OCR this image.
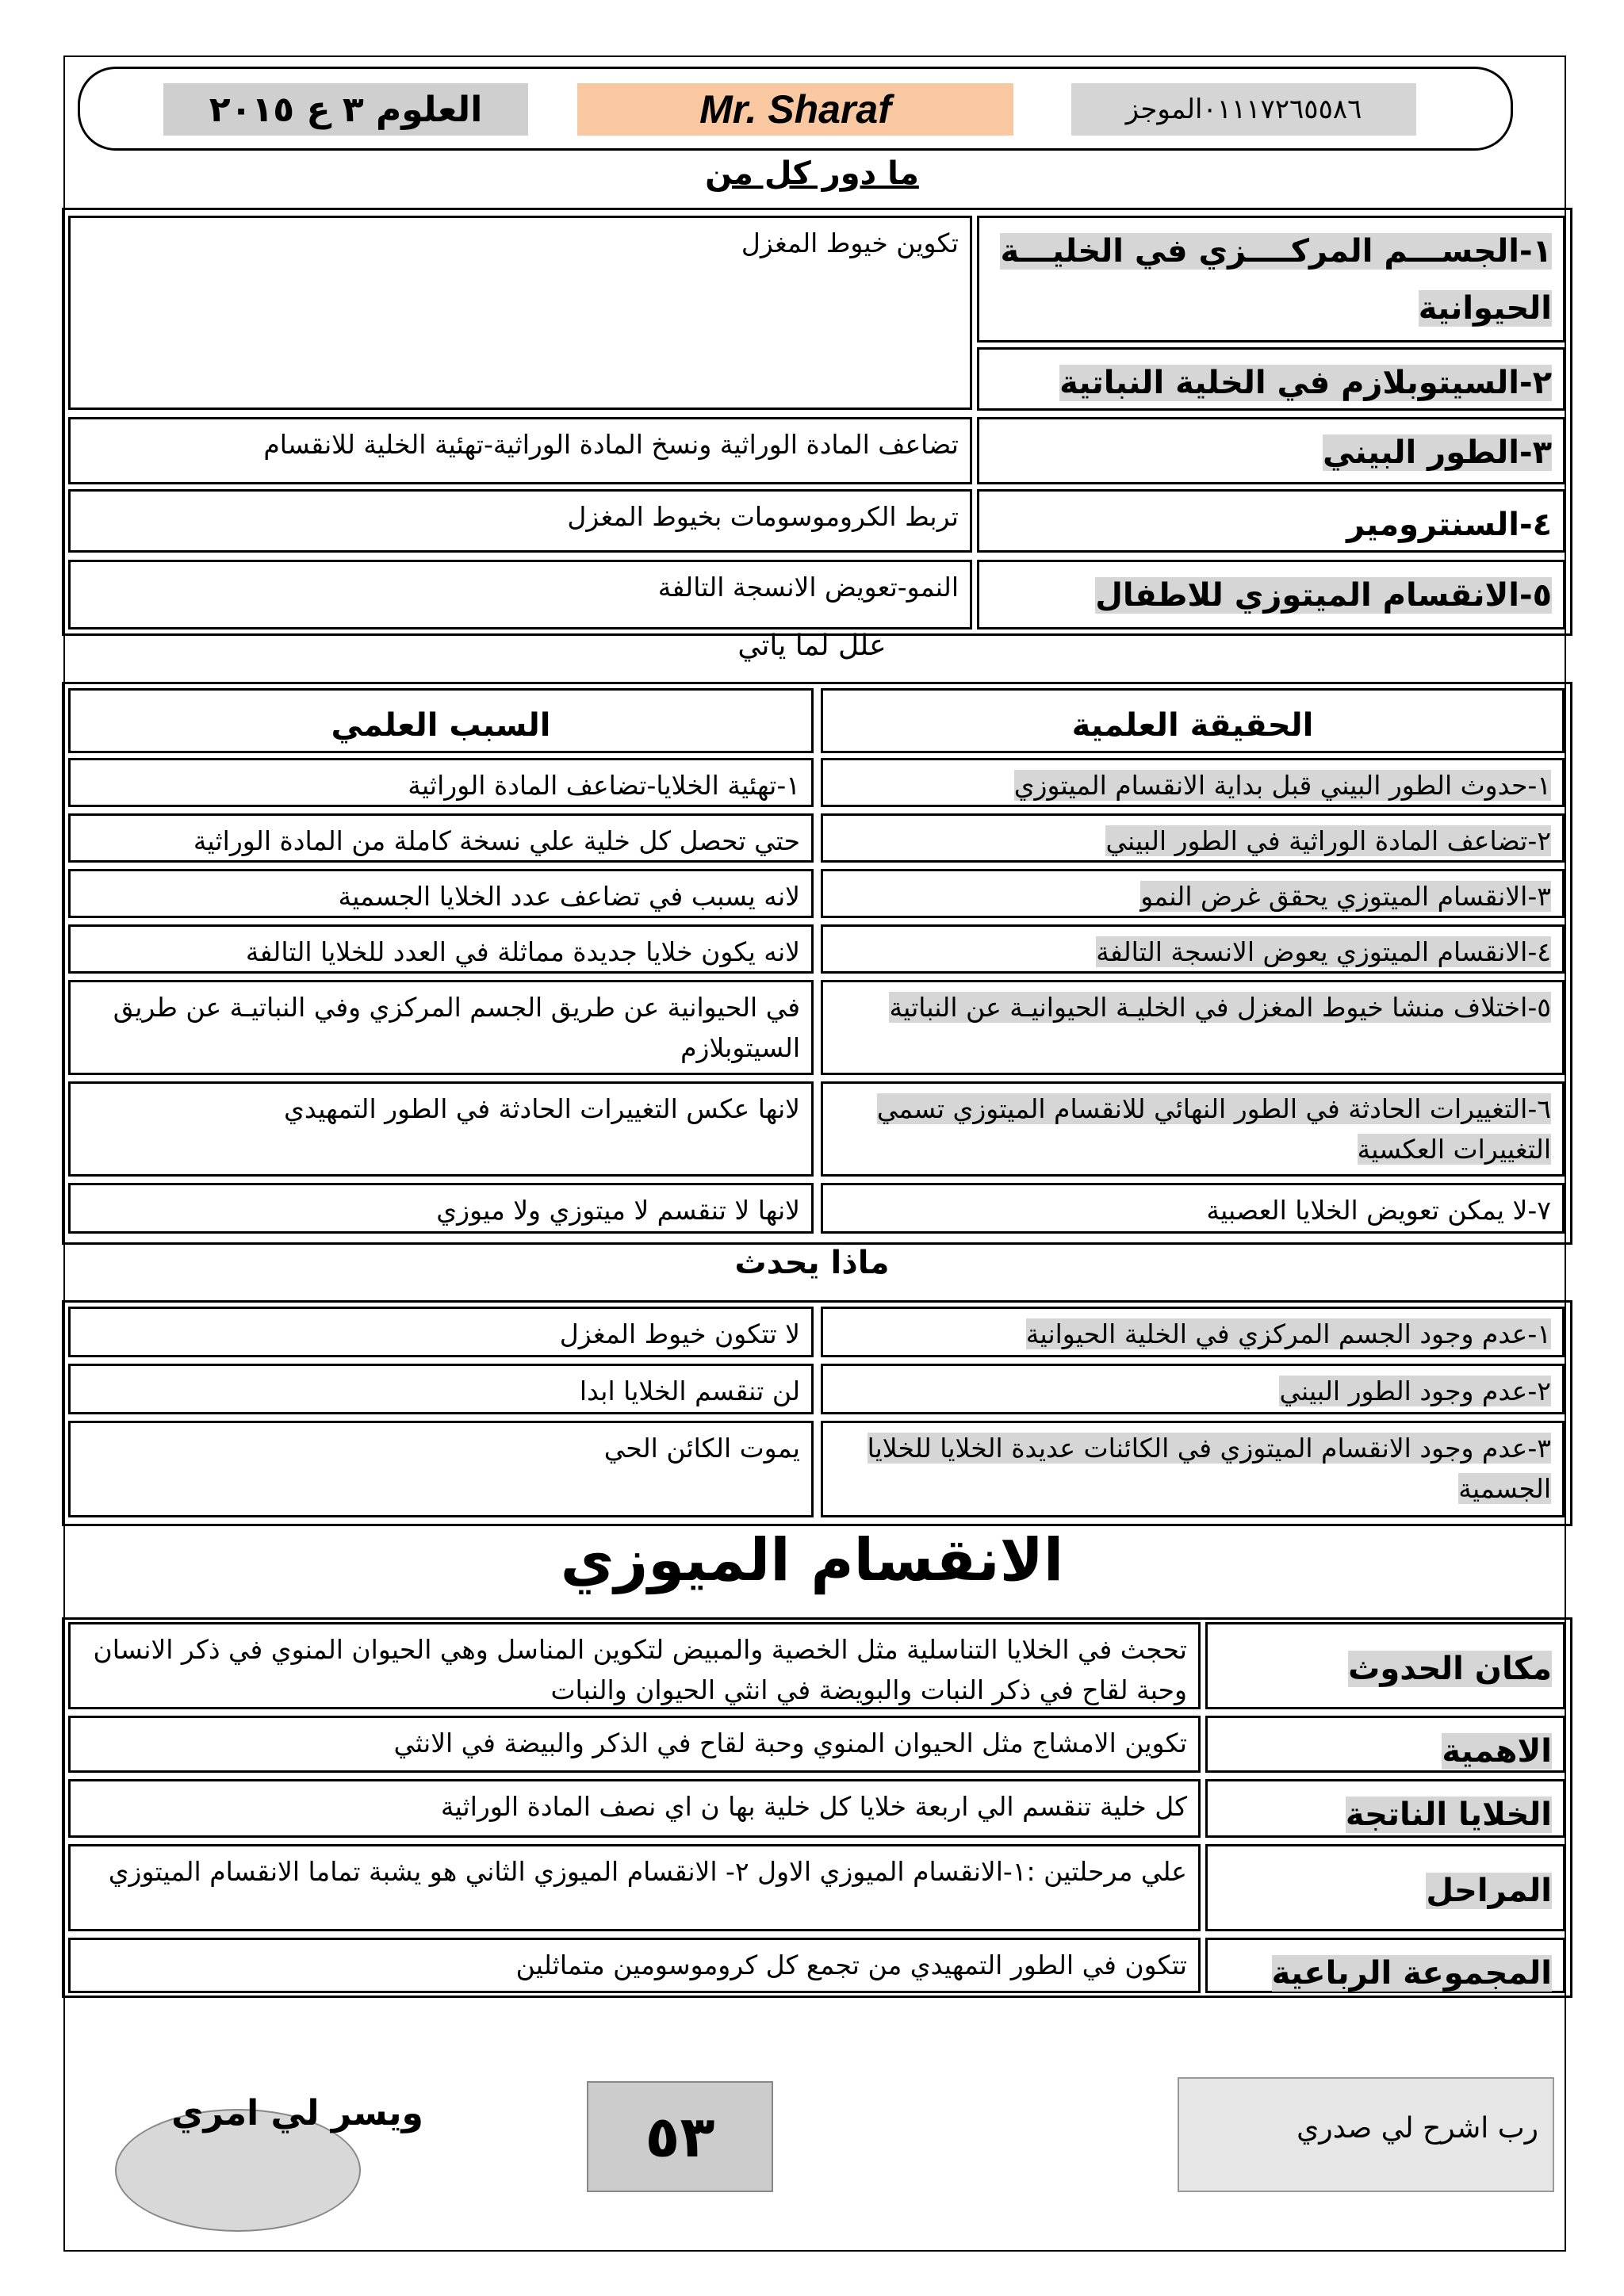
العلوم ٣ ع ٢٠١٥	Mr. Sharaf	٠١١١٧٢٦٥٥٨٦الموجز
ما دور كل من
١-الجســـم المركــــزي في الخليـــة الحيوانية
تكوين خيوط المغزل
٢-السيتوبلازم في الخلية النباتية
٣-الطور البيني
تضاعف المادة الوراثية ونسخ المادة الوراثية-تهئية الخلية للانقسام
٤-السنترومير
تربط الكروموسومات بخيوط المغزل
٥-الانقسام الميتوزي للاطفال
النمو-تعويض الانسجة التالفة
علل لما ياتي
الحقيقة العلمية
السبب العلمي
١-حدوث الطور البيني قبل بداية الانقسام الميتوزي
١-تهئية الخلايا-تضاعف المادة الوراثية
٢-تضاعف المادة الوراثية في الطور البيني
حتي تحصل كل خلية علي نسخة كاملة من المادة الوراثية
٣-الانقسام الميتوزي يحقق غرض النمو
لانه يسبب في تضاعف عدد الخلايا الجسمية
٤-الانقسام الميتوزي يعوض الانسجة التالفة
لانه يكون خلايا جديدة مماثلة في العدد للخلايا التالفة
٥-اختلاف منشا خيوط المغزل في الخليـة الحيوانيـة عن النباتية
في الحيوانية عن طريق الجسم المركزي وفي النباتيـة عن طريق السيتوبلازم
٦-التغييرات الحادثة في الطور النهائي للانقسام الميتوزي تسمي التغييرات العكسية
لانها عكس التغييرات الحادثة في الطور التمهيدي
٧-لا يمكن تعويض الخلايا العصبية
لانها لا تنقسم لا ميتوزي ولا ميوزي
ماذا يحدث
١-عدم وجود الجسم المركزي في الخلية الحيوانية
لا تتكون خيوط المغزل
٢-عدم وجود الطور البيني
لن تنقسم الخلايا ابدا
٣-عدم وجود الانقسام الميتوزي في الكائنات عديدة الخلايا للخلايا الجسمية
يموت الكائن الحي
الانقسام الميوزي
مكان الحدوث
تحجث في الخلايا التناسلية مثل الخصية والمبيض لتكوين المناسل وهي الحيوان المنوي في ذكر الانسان وحبة لقاح في ذكر النبات والبويضة في انثي الحيوان والنبات
الاهمية
تكوين الامشاج مثل الحيوان المنوي وحبة لقاح في الذكر والبيضة في الانثي
الخلايا الناتجة
كل خلية تنقسم الي اربعة خلايا كل خلية بها ن اي نصف المادة الوراثية
المراحل
علي مرحلتين :١-الانقسام الميوزي الاول ٢- الانقسام الميوزي الثاني هو يشبة تماما الانقسام الميتوزي
المجموعة الرباعية
تتكون في الطور التمهيدي من تجمع كل كروموسومين متماثلين
رب اشرح لي صدري
٥٣
ويسر لي امري
